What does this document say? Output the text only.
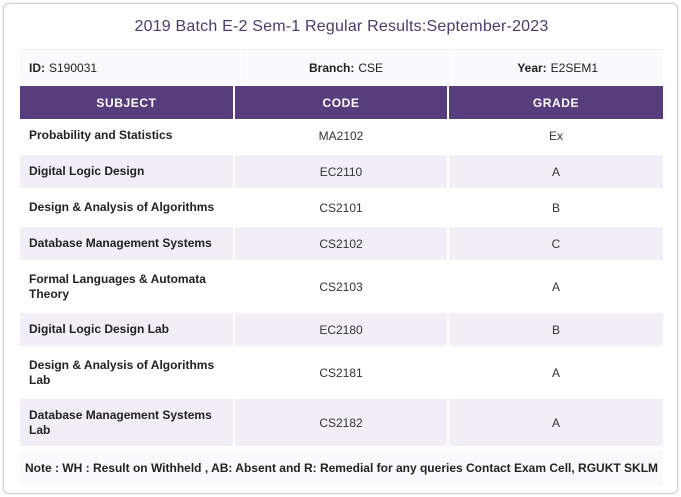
2019 Batch E-2 Sem-1 Regular Results:September-2023
ID: S190031	Branch: CSE	Year: E2SEM1
SUBJECT	CODE	GRADE
Probability and Statistics	MA2102	Ex
Digital Logic Design	EC2110	A
Design & Analysis of Algorithms	CS2101	B
Database Management Systems	CS2102	C
Formal Languages & Automata Theory	CS2103	A
Digital Logic Design Lab	EC2180	B
Design & Analysis of Algorithms Lab	CS2181	A
Database Management Systems Lab	CS2182	A
Note : WH : Result on Withheld , AB: Absent and R: Remedial for any queries Contact Exam Cell, RGUKT SKLM
